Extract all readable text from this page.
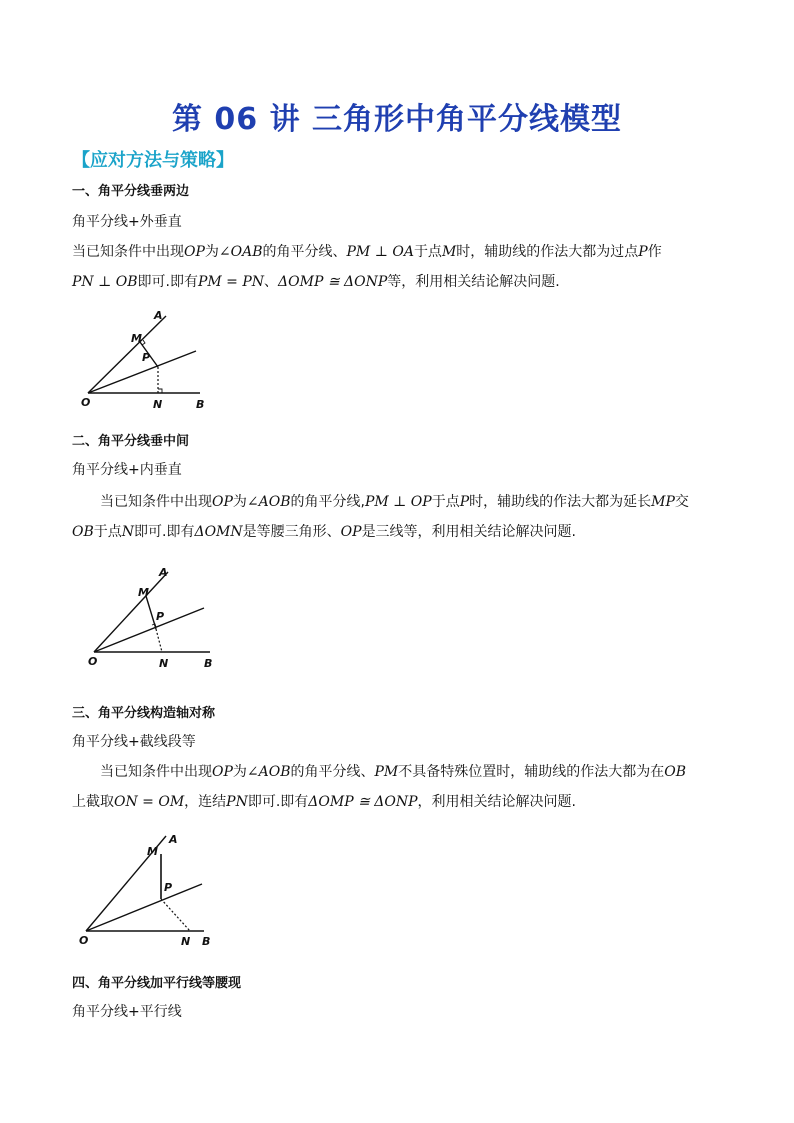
第 06 讲 三角形中角平分线模型
【应对方法与策略】
一、角平分线垂两边
角平分线+外垂直
当已知条件中出现OP为∠OAB的角平分线、PM ⊥ OA于点M时，辅助线的作法大都为过点P作
PN ⊥ OB即可.即有PM = PN、ΔOMP ≅ ΔONP等，利用相关结论解决问题.
A
M
P
O	N	B
二、角平分线垂中间
角平分线+内垂直
当已知条件中出现OP为∠AOB的角平分线,PM ⊥ OP于点P时，辅助线的作法大都为延长MP交
OB于点N即可.即有ΔOMN是等腰三角形、OP是三线等，利用相关结论解决问题.
A
M
P
O	N	B
三、角平分线构造轴对称
角平分线+截线段等
当已知条件中出现OP为∠AOB的角平分线、PM不具备特殊位置时，辅助线的作法大都为在OB
上截取ON = OM，连结PN即可.即有ΔOMP ≅ ΔONP，利用相关结论解决问题.
A
M
P
O	N B
四、角平分线加平行线等腰现
角平分线+平行线
